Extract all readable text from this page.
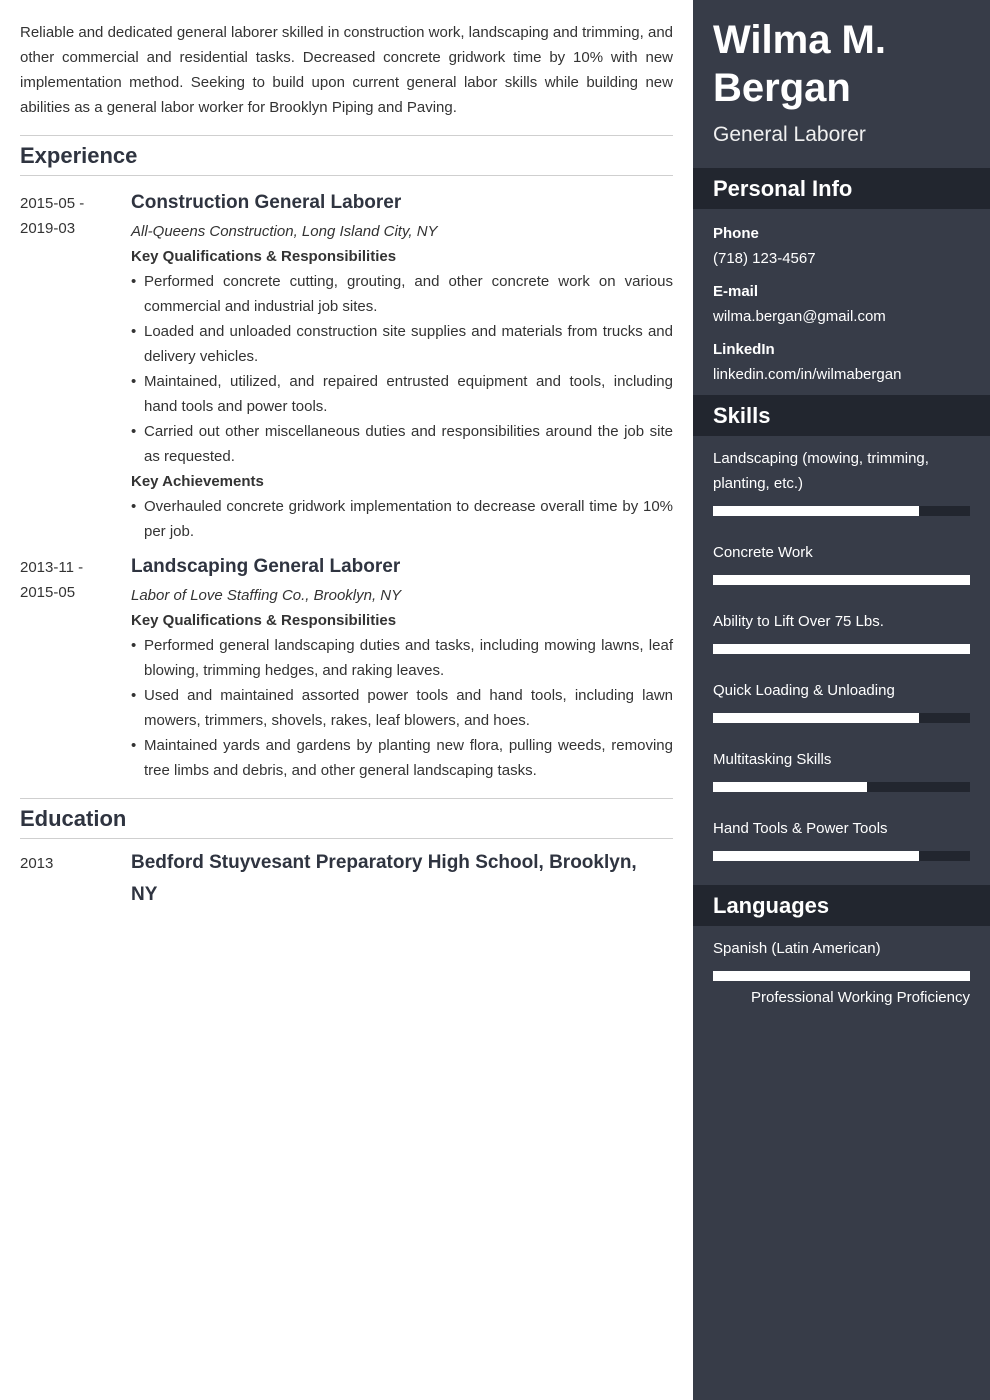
Reliable and dedicated general laborer skilled in construction work, landscaping and trimming, and other commercial and residential tasks. Decreased concrete gridwork time by 10% with new implementation method. Seeking to build upon current general labor skills while building new abilities as a general labor worker for Brooklyn Piping and Paving.

Experience
2015-05 - 2019-03
Construction General Laborer
All-Queens Construction, Long Island City, NY
Key Qualifications & Responsibilities
• Performed concrete cutting, grouting, and other concrete work on various commercial and industrial job sites.
• Loaded and unloaded construction site supplies and materials from trucks and delivery vehicles.
• Maintained, utilized, and repaired entrusted equipment and tools, including hand tools and power tools.
• Carried out other miscellaneous duties and responsibilities around the job site as requested.
Key Achievements
• Overhauled concrete gridwork implementation to decrease overall time by 10% per job.
2013-11 - 2015-05
Landscaping General Laborer
Labor of Love Staffing Co., Brooklyn, NY
Key Qualifications & Responsibilities
• Performed general landscaping duties and tasks, including mowing lawns, leaf blowing, trimming hedges, and raking leaves.
• Used and maintained assorted power tools and hand tools, including lawn mowers, trimmers, shovels, rakes, leaf blowers, and hoes.
• Maintained yards and gardens by planting new flora, pulling weeds, removing tree limbs and debris, and other general landscaping tasks.
Education
2013	Bedford Stuyvesant Preparatory High School, Brooklyn, NY
Wilma M. Bergan
General Laborer
Personal Info
Phone
(718) 123-4567
E-mail
wilma.bergan@gmail.com
LinkedIn
linkedin.com/in/wilmabergan
Skills
Landscaping (mowing, trimming, planting, etc.)
Concrete Work
Ability to Lift Over 75 Lbs.
Quick Loading & Unloading
Multitasking Skills
Hand Tools & Power Tools
Languages
Spanish (Latin American)
Professional Working Proficiency
